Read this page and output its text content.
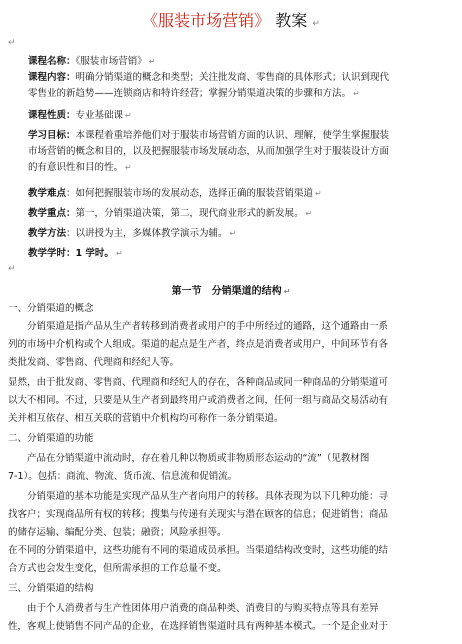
《服装市场营销》 教案 ↵
↵
课程名称：《服装市场营销》 ↵
课程内容：明确分销渠道的概念和类型；关注批发商、零售商的具体形式；认识到现代
零售业的新趋势——连锁商店和特许经营；掌握分销渠道决策的步骤和方法。 ↵
课程性质：专业基础课 ↵
学习目标：本课程着重培养他们对于服装市场营销方面的认识、理解，使学生掌握服装
市场营销的概念和目的，以及把握服装市场发展动态，从而加强学生对于服装设计方面
的有意识性和目的性。 ↵
教学难点：如何把握服装市场的发展动态，选择正确的服装营销渠道 ↵
教学重点：第一，分销渠道决策，第二，现代商业形式的新发展。 ↵
教学方法：以讲授为主，多媒体教学演示为辅。 ↵
教学学时：1 学时。 ↵
↵
第一节　分销渠道的结构 ↵
一、分销渠道的概念
　　分销渠道是指产品从生产者转移到消费者或用户的手中所经过的通路，这个通路由一系
列的市场中介机构或个人组成。渠道的起点是生产者，终点是消费者或用户，中间环节有各
类批发商、零售商、代理商和经纪人等。
显然，由于批发商、零售商、代理商和经纪人的存在，各种商品或同一种商品的分销渠道可
以大不相同。不过，只要是从生产者到最终用户或消费者之间，任何一组与商品交易活动有
关并相互依存、相互关联的营销中介机构均可称作一条分销渠道。
二、分销渠道的功能
　　产品在分销渠道中流动时，存在着几种以物质或非物质形态运动的“流”（见教材图
7-1）。包括：商流、物流、货币流、信息流和促销流。
　　分销渠道的基本功能是实现产品从生产者向用户的转移。具体表现为以下几种功能：寻
找客户；实现商品所有权的转移；搜集与传递有关现实与潜在顾客的信息；促进销售；商品
的储存运输、编配分类、包装；融资；风险承担等。
在不同的分销渠道中，这些功能有不同的渠道成员承担。当渠道结构改变时，这些功能的结
合方式也会发生变化，但所需承担的工作总量不变。
三、分销渠道的结构
　　由于个人消费者与生产性团体用户消费的商品种类、消费目的与购买特点等具有差异
性，客观上使销售不同产品的企业，在选择销售渠道时具有两种基本模式。一个是企业对于
